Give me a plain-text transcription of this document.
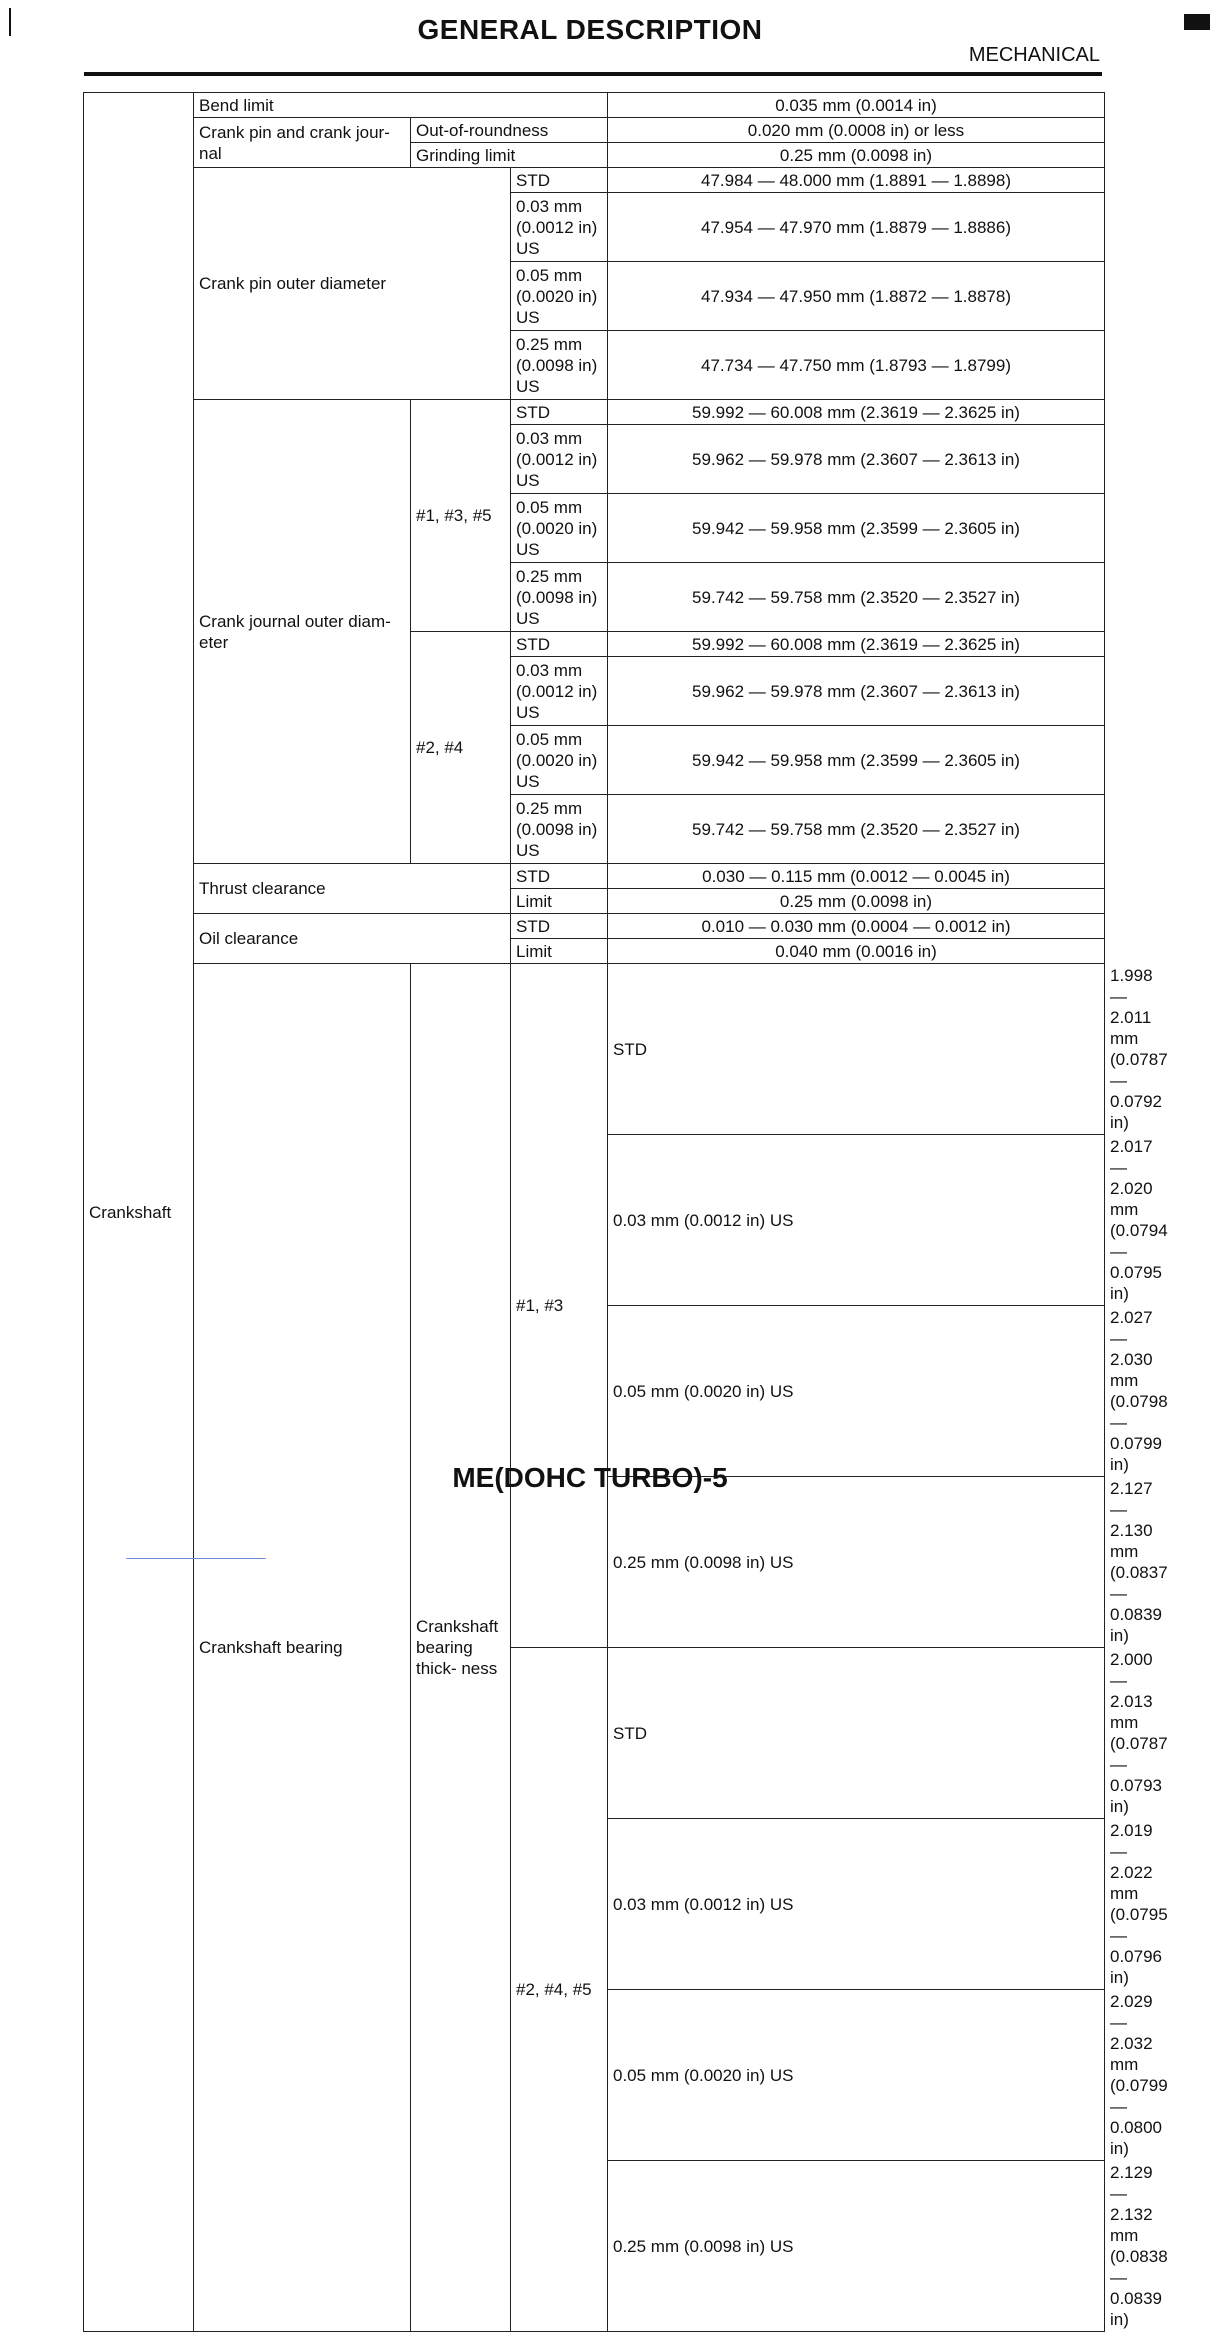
GENERAL DESCRIPTION
MECHANICAL
Crankshaft	Bend limit			0.035 mm (0.0014 in)	
	Crank pin and crank jour- nal	Out-of-roundness		0.020 mm (0.0008 in) or less	
		Grinding limit		0.25 mm (0.0098 in)	
	Crank pin outer diameter		STD	47.984 — 48.000 mm (1.8891 — 1.8898)	
			0.03 mm (0.0012 in) US	47.954 — 47.970 mm (1.8879 — 1.8886)	
			0.05 mm (0.0020 in) US	47.934 — 47.950 mm (1.8872 — 1.8878)	
			0.25 mm (0.0098 in) US	47.734 — 47.750 mm (1.8793 — 1.8799)	
	Crank journal outer diam- eter	#1, #3, #5	STD	59.992 — 60.008 mm (2.3619 — 2.3625 in)	
			0.03 mm (0.0012 in) US	59.962 — 59.978 mm (2.3607 — 2.3613 in)	
			0.05 mm (0.0020 in) US	59.942 — 59.958 mm (2.3599 — 2.3605 in)	
			0.25 mm (0.0098 in) US	59.742 — 59.758 mm (2.3520 — 2.3527 in)	
		#2, #4	STD	59.992 — 60.008 mm (2.3619 — 2.3625 in)	
			0.03 mm (0.0012 in) US	59.962 — 59.978 mm (2.3607 — 2.3613 in)	
			0.05 mm (0.0020 in) US	59.942 — 59.958 mm (2.3599 — 2.3605 in)	
			0.25 mm (0.0098 in) US	59.742 — 59.758 mm (2.3520 — 2.3527 in)	
	Thrust clearance		STD	0.030 — 0.115 mm (0.0012 — 0.0045 in)	
			Limit	0.25 mm (0.0098 in)	
	Oil clearance		STD	0.010 — 0.030 mm (0.0004 — 0.0012 in)	
			Limit	0.040 mm (0.0016 in)	
	Crankshaft bearing	Crankshaft bearing thick- ness	#1, #3	STD	1.998 — 2.011 mm (0.0787 — 0.0792 in)
				0.03 mm (0.0012 in) US	2.017 — 2.020 mm (0.0794 — 0.0795 in)
				0.05 mm (0.0020 in) US	2.027 — 2.030 mm (0.0798 — 0.0799 in)
				0.25 mm (0.0098 in) US	2.127 — 2.130 mm (0.0837 — 0.0839 in)
			#2, #4, #5	STD	2.000 — 2.013 mm (0.0787 — 0.0793 in)
				0.03 mm (0.0012 in) US	2.019 — 2.022 mm (0.0795 — 0.0796 in)
				0.05 mm (0.0020 in) US	2.029 — 2.032 mm (0.0799 — 0.0800 in)
				0.25 mm (0.0098 in) US	2.129 — 2.132 mm (0.0838 — 0.0839 in)
ME(DOHC TURBO)-5
